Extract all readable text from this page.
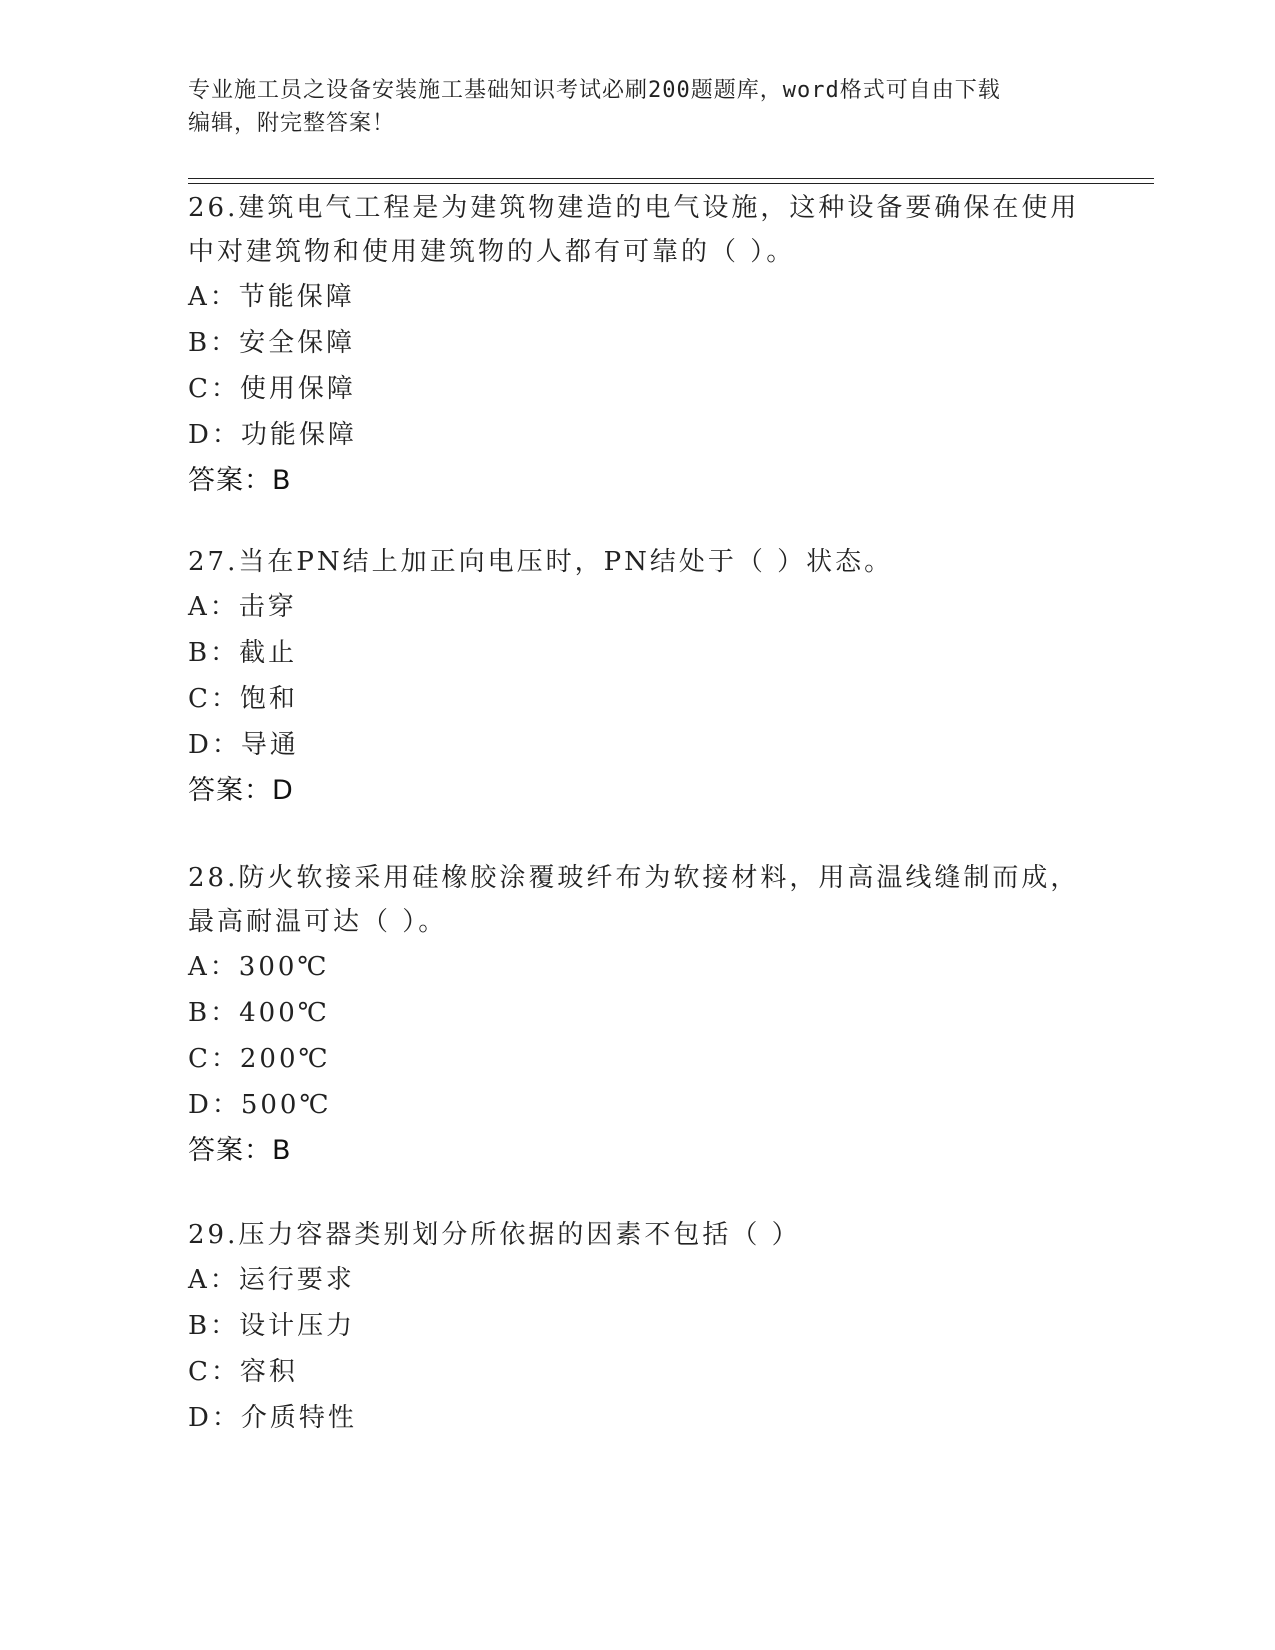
专业施工员之设备安装施工基础知识考试必刷200题题库，word格式可自由下载
编辑，附完整答案！
26.建筑电气工程是为建筑物建造的电气设施，这种设备要确保在使用
中对建筑物和使用建筑物的人都有可靠的（ ）。
A：节能保障
B：安全保障
C：使用保障
D：功能保障
答案：B
27.当在PN结上加正向电压时，PN结处于（ ）状态。
A：击穿
B：截止
C：饱和
D：导通
答案：D
28.防火软接采用硅橡胶涂覆玻纤布为软接材料，用高温线缝制而成，
最高耐温可达（ ）。
A：300℃
B：400℃
C：200℃
D：500℃
答案：B
29.压力容器类别划分所依据的因素不包括（ ）
A：运行要求
B：设计压力
C：容积
D：介质特性
